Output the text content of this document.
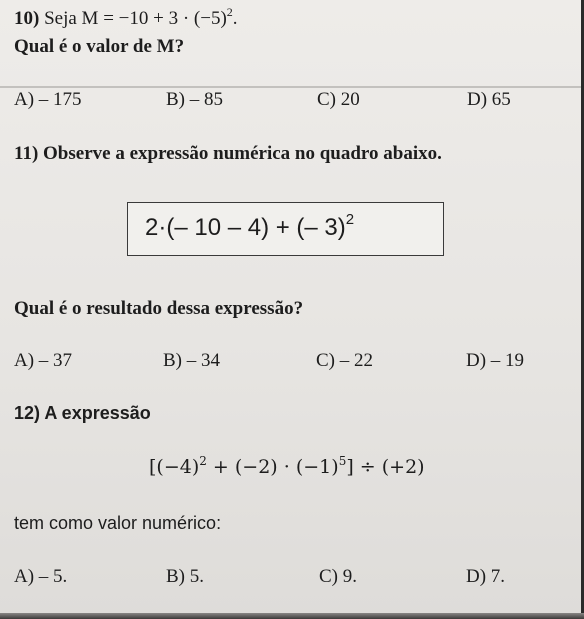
10) Seja $M = -10 + 3 \cdot (-5)^2$.
Qual é o valor de M?
A) – 175	B) – 85	C) 20	D) 65
11) Observe a expressão numérica no quadro abaixo.
2·(– 10 – 4) + (– 3)$^2$
Qual é o resultado dessa expressão?
A) – 37	B) – 34	C) – 22	D) – 19
12) A expressão
$[(-4)^2 + (-2) \cdot (-1)^5] \div (+2)$
tem como valor numérico:
A) – 5.	B) 5.	C) 9.	D) 7.
